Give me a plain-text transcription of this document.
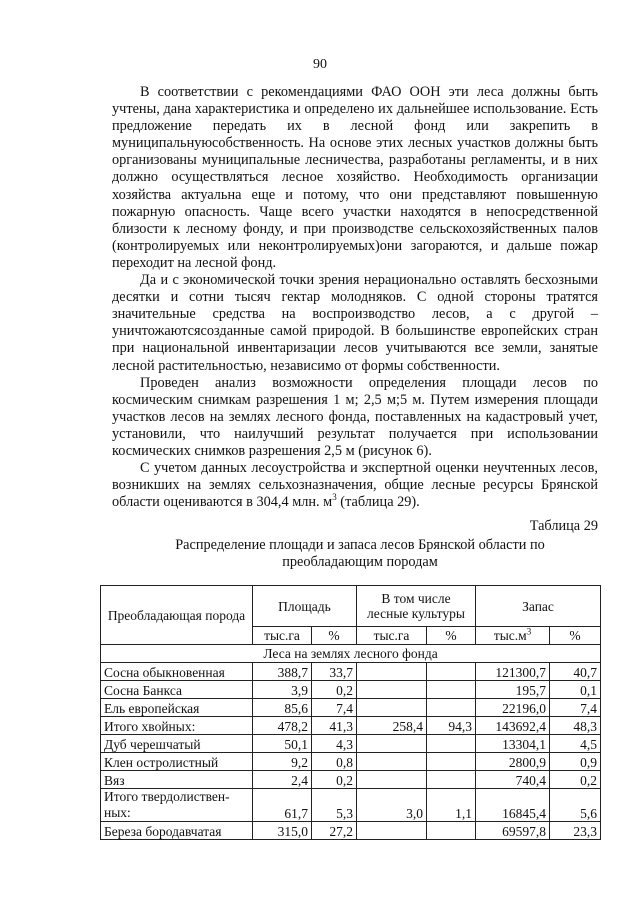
90

В соответствии с рекомендациями ФАО ООН эти леса должны быть учтены, дана характеристика и определено их дальнейшее использование. Есть предложение передать их в лесной фонд или закрепить в муниципальнуюсобственность. На основе этих лесных участков должны быть организованы муниципальные лесничества, разработаны регламенты, и в них должно осуществляться лесное хозяйство. Необходимость организации хозяйства актуальна еще и потому, что они представляют повышенную пожарную опасность. Чаще всего участки находятся в непосредственной близости к лесному фонду, и при производстве сельскохозяйственных палов (контролируемых или неконтролируемых)они загораются, и дальше пожар переходит на лесной фонд.

Да и с экономической точки зрения нерационально оставлять бесхозными десятки и сотни тысяч гектар молодняков. С одной стороны тратятся значительные средства на воспроизводство лесов, а с другой – уничтожаютсясозданные самой природой. В большинстве европейских стран при национальной инвентаризации лесов учитываются все земли, занятые лесной растительностью, независимо от формы собственности.

Проведен анализ возможности определения площади лесов по космическим снимкам разрешения 1 м; 2,5 м;5 м. Путем измерения площади участков лесов на землях лесного фонда, поставленных на кадастровый учет, установили, что наилучший результат получается при использовании космических снимков разрешения 2,5 м (рисунок 6).

С учетом данных лесоустройства и экспертной оценки неучтенных лесов, возникших на землях сельхозназначения, общие лесные ресурсы Брянской области оцениваются в 304,4 млн. $м^3$ (таблица 29).

Таблица 29
Распределение площади и запаса лесов Брянской области по преобладающим породам
Преобладающая порода	Площадь		В том числе лесные культуры		Запас	
	тыс.га	%	тыс.га	%	$тыс.м^3$	%
Леса на землях лесного фонда						
Сосна обыкновенная	388,7	33,7			121300,7	40,7
Сосна Банкса	3,9	0,2			195,7	0,1
Ель европейская	85,6	7,4			22196,0	7,4
Итого хвойных:	478,2	41,3	258,4	94,3	143692,4	48,3
Дуб черешчатый	50,1	4,3			13304,1	4,5
Клен остролистный	9,2	0,8			2800,9	0,9
Вяз	2,4	0,2			740,4	0,2
Итого твердолиствен-ных:	61,7	5,3	3,0	1,1	16845,4	5,6
Береза бородавчатая	315,0	27,2			69597,8	23,3
